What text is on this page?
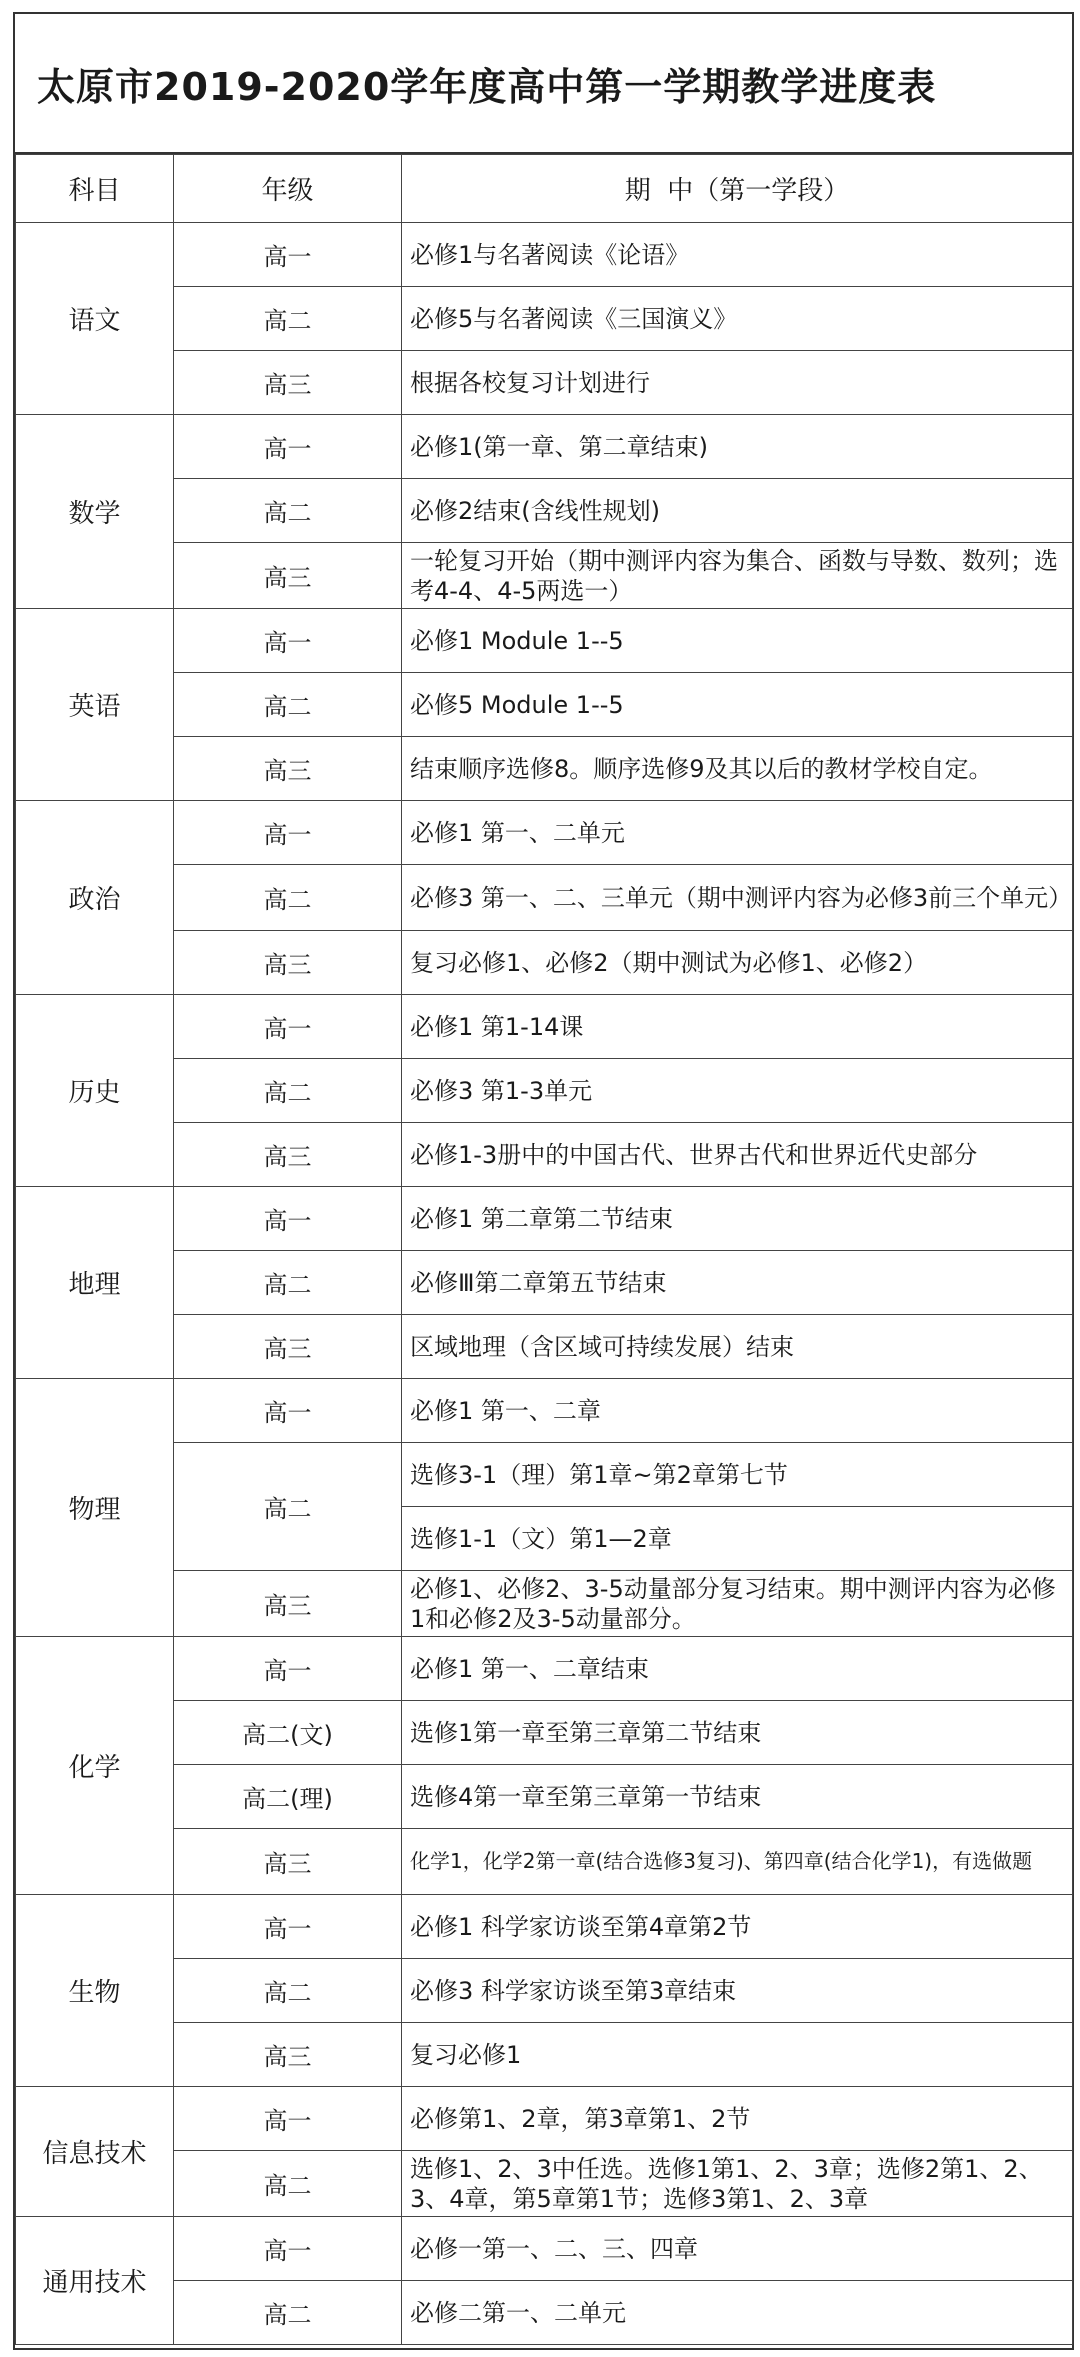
太原市2019-2020学年度高中第一学期教学进度表
科目	年级	期  中（第一学段）
语文	高一	必修1与名著阅读《论语》
	高二	必修5与名著阅读《三国演义》
	高三	根据各校复习计划进行
数学	高一	必修1(第一章、第二章结束)
	高二	必修2结束(含线性规划)
	高三	一轮复习开始（期中测评内容为集合、函数与导数、数列；选考4-4、4-5两选一）
英语	高一	必修1 Module 1--5
	高二	必修5 Module 1--5
	高三	结束顺序选修8。顺序选修9及其以后的教材学校自定。
政治	高一	必修1 第一、二单元
	高二	必修3 第一、二、三单元（期中测评内容为必修3前三个单元）
	高三	复习必修1、必修2（期中测试为必修1、必修2）
历史	高一	必修1 第1-14课
	高二	必修3 第1-3单元
	高三	必修1-3册中的中国古代、世界古代和世界近代史部分
地理	高一	必修1 第二章第二节结束
	高二	必修Ⅲ第二章第五节结束
	高三	区域地理（含区域可持续发展）结束
物理	高一	必修1 第一、二章
	高二	选修3-1（理）第1章~第2章第七节
		选修1-1（文）第1—2章
	高三	必修1、必修2、3-5动量部分复习结束。期中测评内容为必修1和必修2及3-5动量部分。
化学	高一	必修1 第一、二章结束
	高二(文)	选修1第一章至第三章第二节结束
	高二(理)	选修4第一章至第三章第一节结束
	高三	化学1，化学2第一章(结合选修3复习)、第四章(结合化学1)，有选做题
生物	高一	必修1 科学家访谈至第4章第2节
	高二	必修3 科学家访谈至第3章结束
	高三	复习必修1
信息技术	高一	必修第1、2章，第3章第1、2节
	高二	选修1、2、3中任选。选修1第1、2、3章；选修2第1、2、3、4章，第5章第1节；选修3第1、2、3章
通用技术	高一	必修一第一、二、三、四章
	高二	必修二第一、二单元
